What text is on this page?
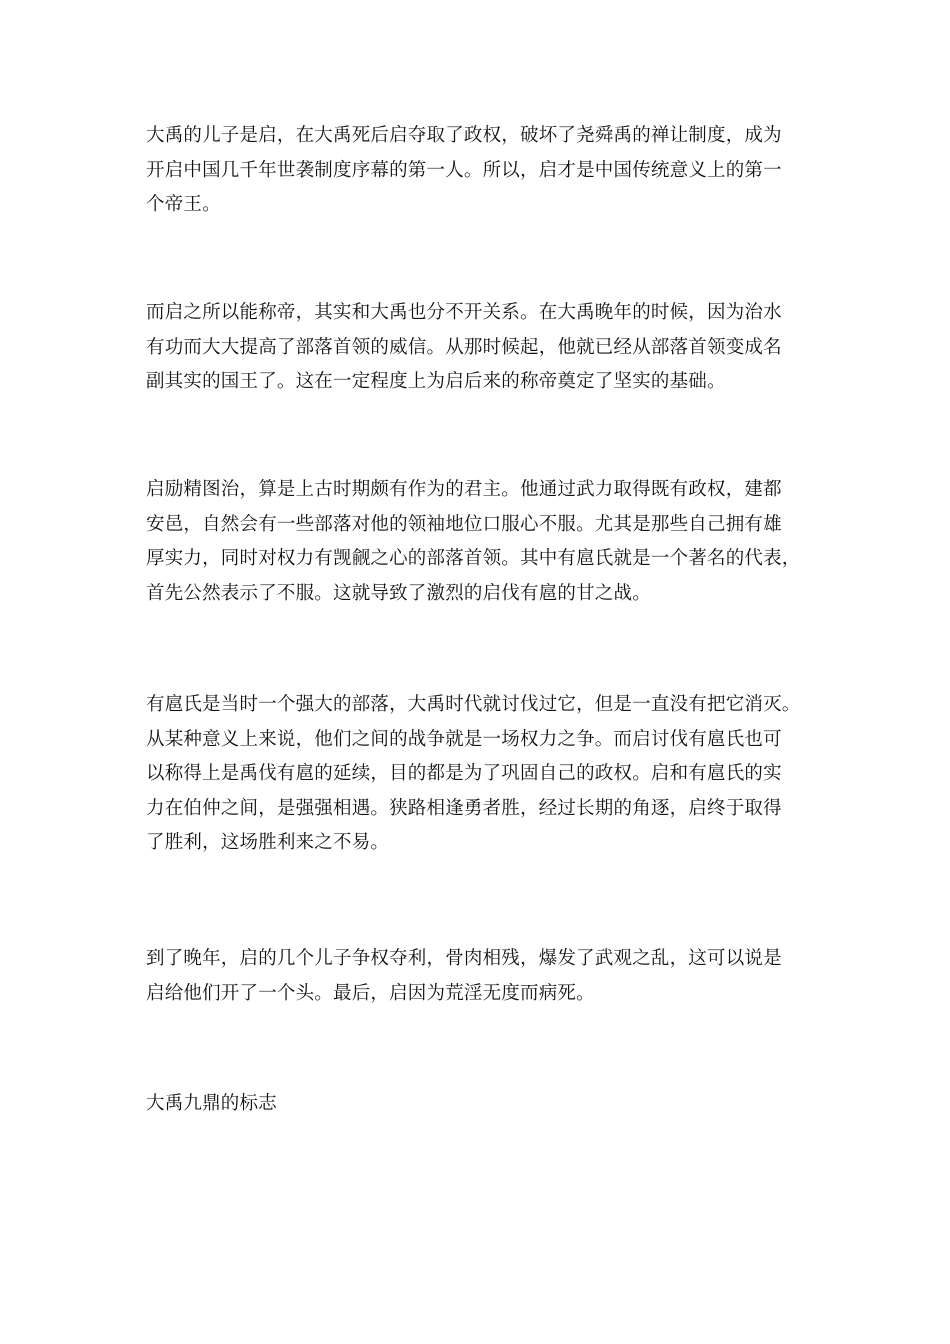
大禹的儿子是启，在大禹死后启夺取了政权，破坏了尧舜禹的禅让制度，成为
开启中国几千年世袭制度序幕的第一人。所以，启才是中国传统意义上的第一
个帝王。

而启之所以能称帝，其实和大禹也分不开关系。在大禹晚年的时候，因为治水
有功而大大提高了部落首领的威信。从那时候起，他就已经从部落首领变成名
副其实的国王了。这在一定程度上为启后来的称帝奠定了坚实的基础。

启励精图治，算是上古时期颇有作为的君主。他通过武力取得既有政权，建都
安邑，自然会有一些部落对他的领袖地位口服心不服。尤其是那些自己拥有雄
厚实力，同时对权力有觊觎之心的部落首领。其中有扈氏就是一个著名的代表，
首先公然表示了不服。这就导致了激烈的启伐有扈的甘之战。

有扈氏是当时一个强大的部落，大禹时代就讨伐过它，但是一直没有把它消灭。
从某种意义上来说，他们之间的战争就是一场权力之争。而启讨伐有扈氏也可
以称得上是禹伐有扈的延续，目的都是为了巩固自己的政权。启和有扈氏的实
力在伯仲之间，是强强相遇。狭路相逢勇者胜，经过长期的角逐，启终于取得
了胜利，这场胜利来之不易。

到了晚年，启的几个儿子争权夺利，骨肉相残，爆发了武观之乱，这可以说是
启给他们开了一个头。最后，启因为荒淫无度而病死。

大禹九鼎的标志
